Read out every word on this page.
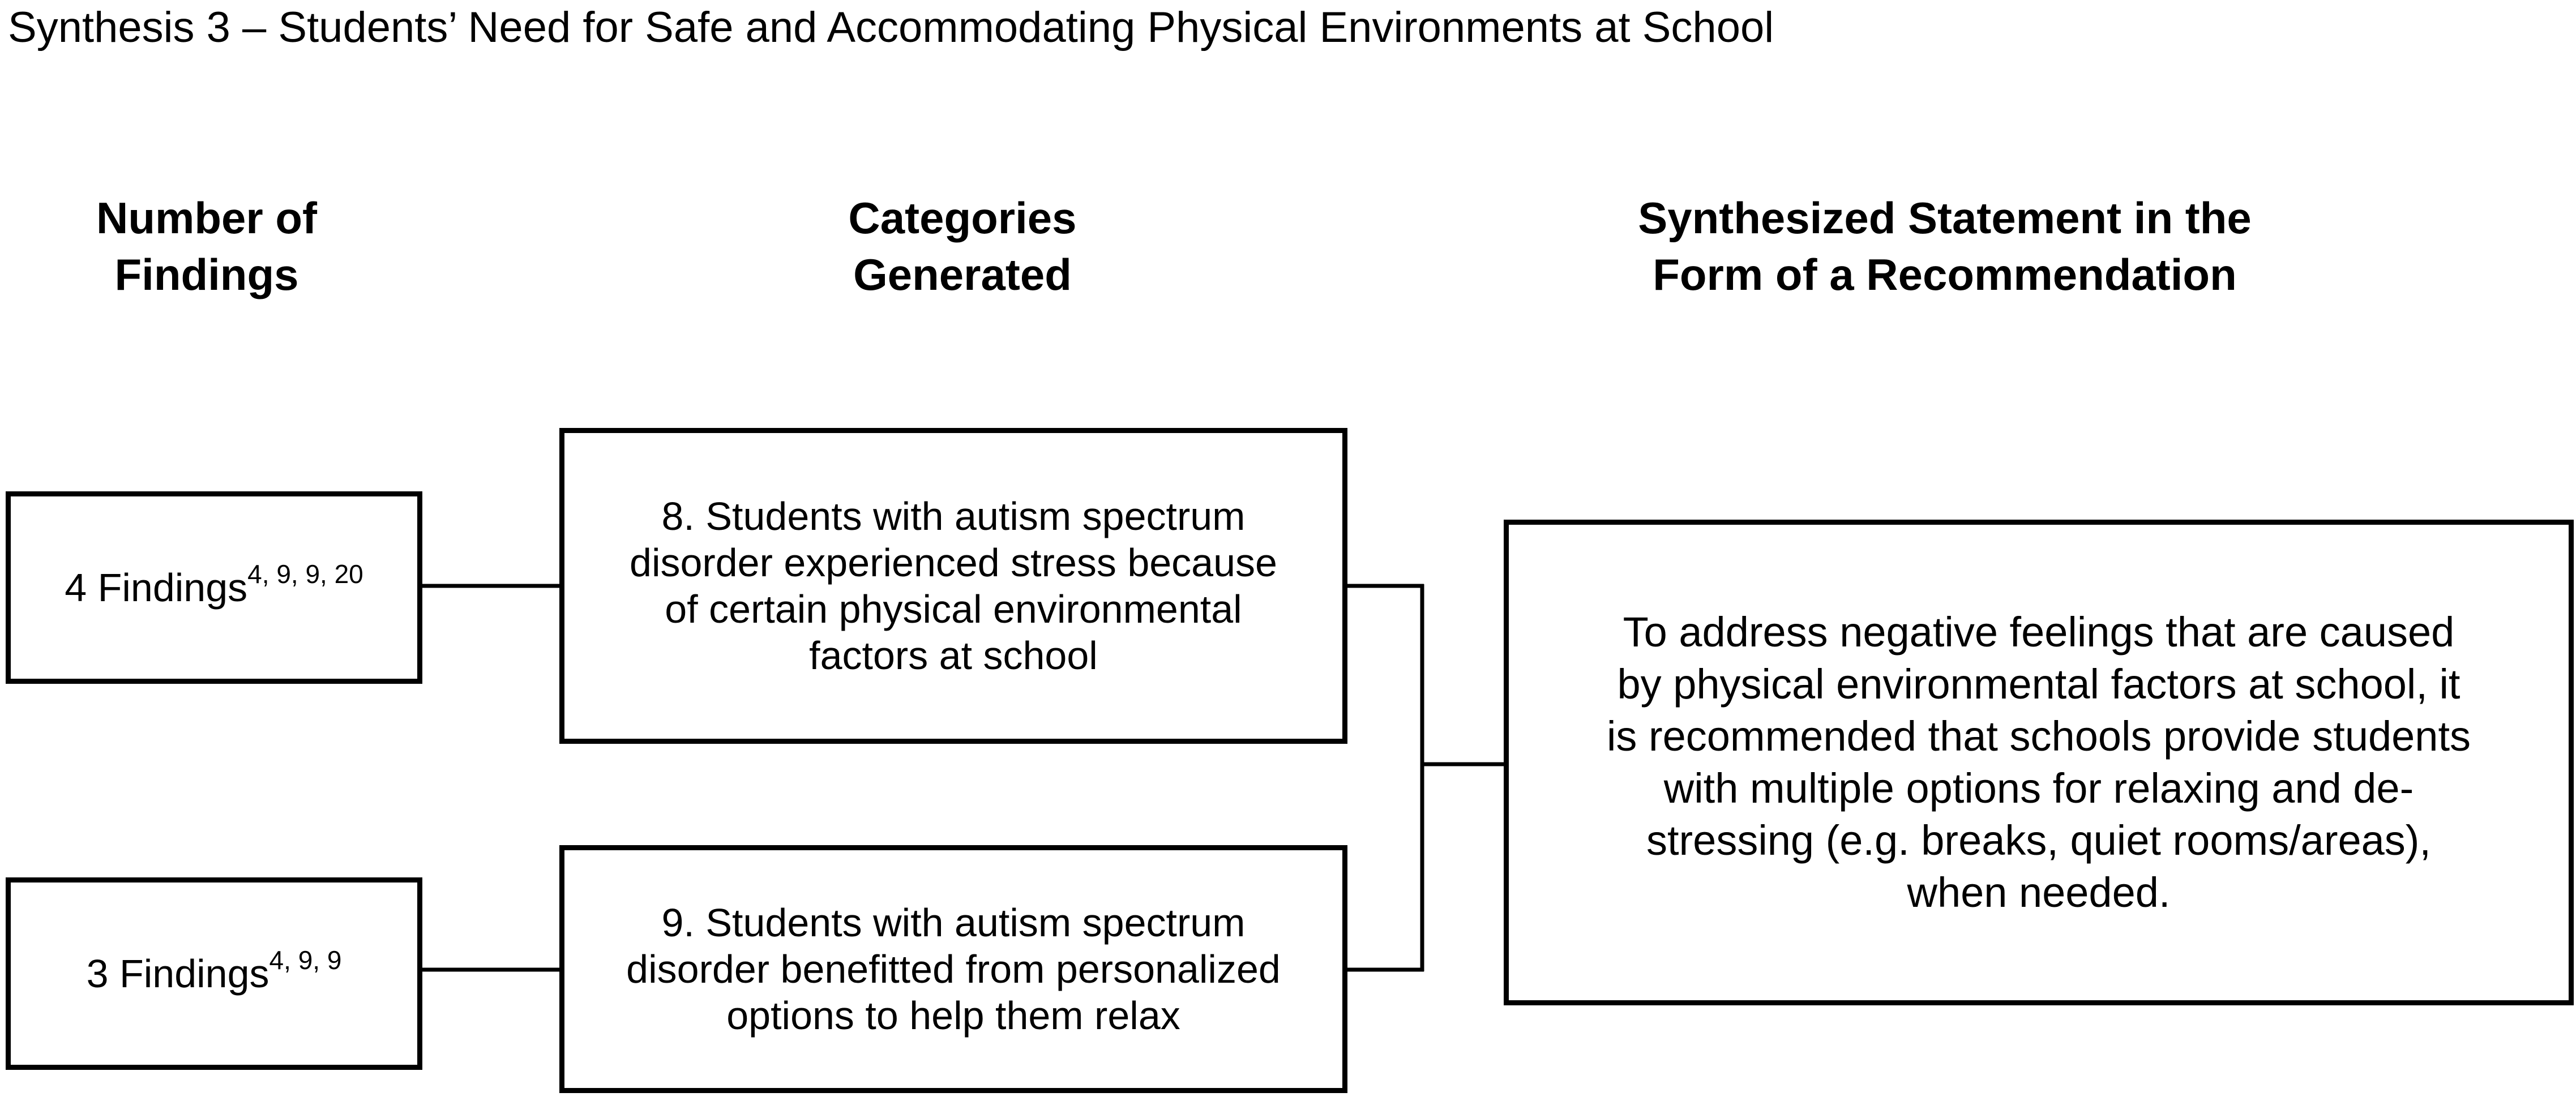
Synthesis 3 – Students’ Need for Safe and Accommodating Physical Environments at School
Number of
Findings
Categories
Generated
Synthesized Statement in the
Form of a Recommendation
4 Findings$^{4, 9, 9, 20}$
3 Findings$^{4, 9, 9}$
8. Students with autism spectrum
disorder experienced stress because
of certain physical environmental
factors at school
9. Students with autism spectrum
disorder benefitted from personalized
options to help them relax
To address negative feelings that are caused
by physical environmental factors at school, it
is recommended that schools provide students
with multiple options for relaxing and de-
stressing (e.g. breaks, quiet rooms/areas),
when needed.
